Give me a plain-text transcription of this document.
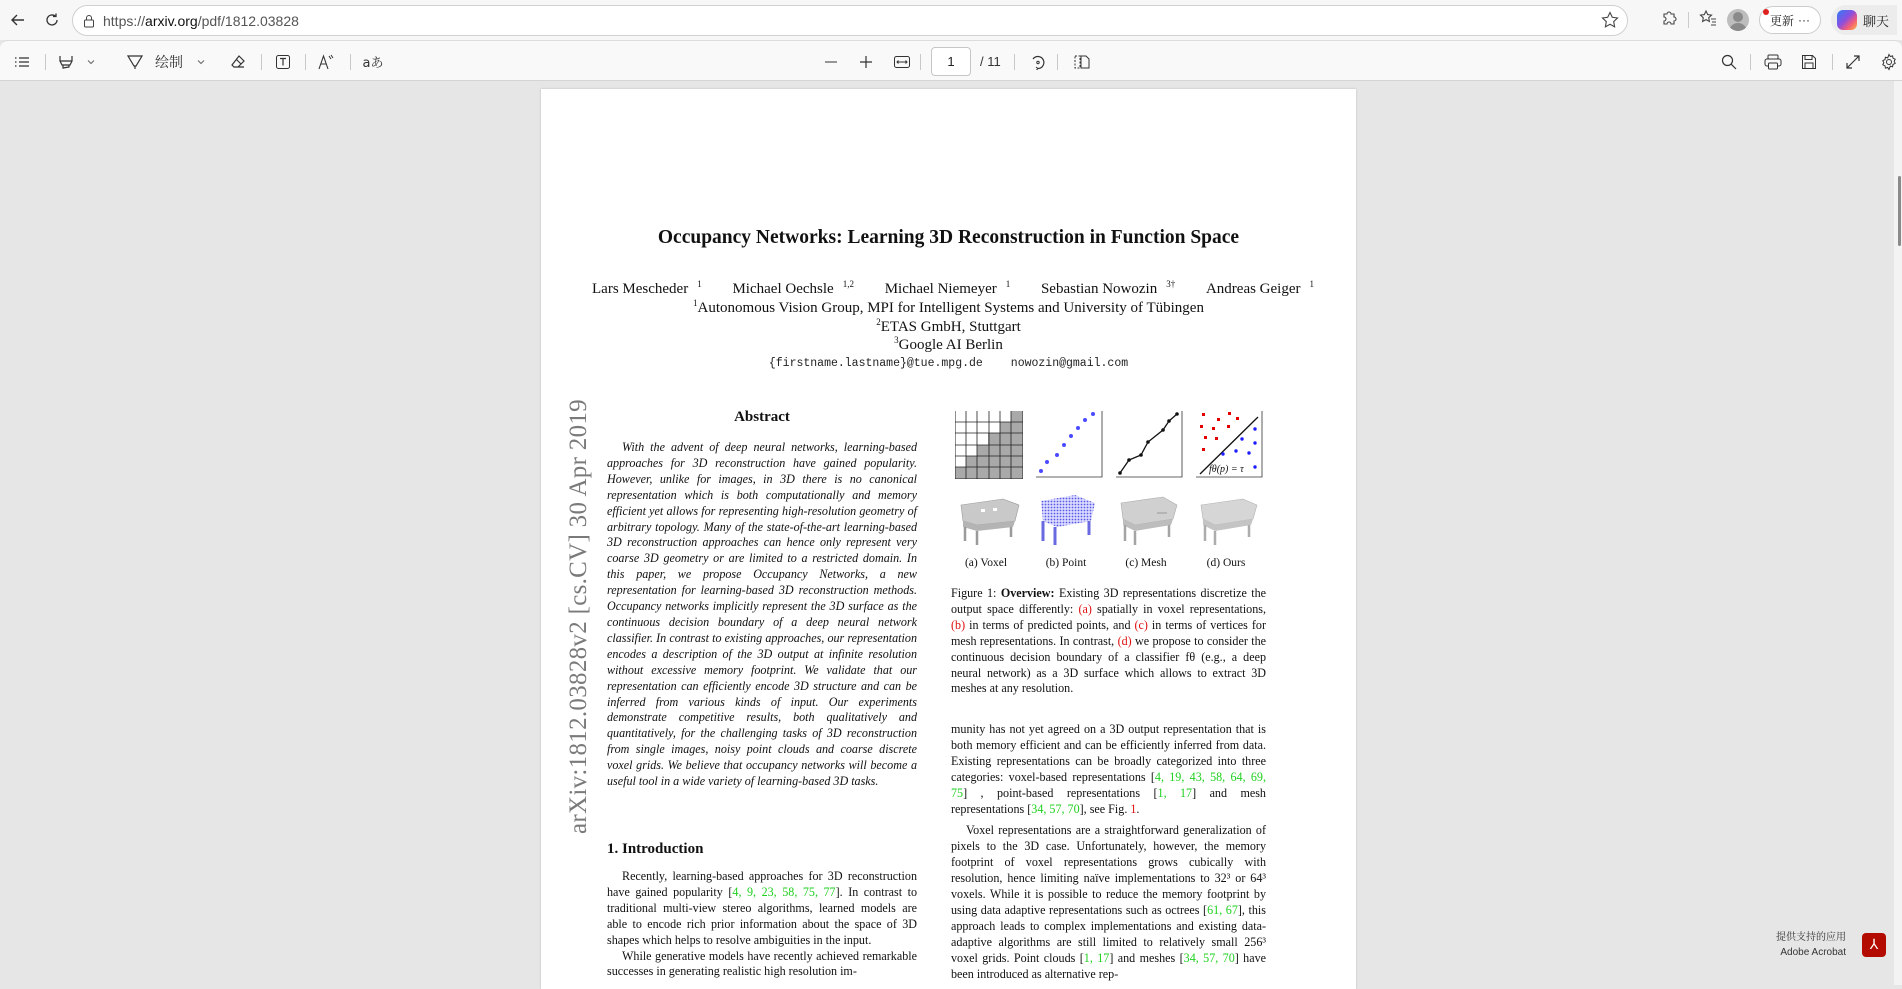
https://arxiv.org/pdf/1812.03828	更新 ···	聊天
绘制	aあ	1	/ 11
Occupancy Networks: Learning 3D Reconstruction in Function Space
Lars Mescheder $^1$ Michael Oechsle $^{1,2}$ Michael Niemeyer $^1$ Sebastian Nowozin $^{3\dagger}$ Andreas Geiger $^1$
$^1$Autonomous Vision Group, MPI for Intelligent Systems and University of Tübingen
$^2$ETAS GmbH, Stuttgart
$^3$Google AI Berlin
{firstname.lastname}@tue.mpg.de nowozin@gmail.com
arXiv:1812.03828v2 [cs.CV] 30 Apr 2019	Abstract

With the advent of deep neural networks, learning-based approaches for 3D reconstruction have gained popularity. However, unlike for images, in 3D there is no canonical representation which is both computationally and memory efficient yet allows for representing high-resolution geometry of arbitrary topology. Many of the state-of-the-art learning-based 3D reconstruction approaches can hence only represent very coarse 3D geometry or are limited to a restricted domain. In this paper, we propose Occupancy Networks, a new representation for learning-based 3D reconstruction methods. Occupancy networks implicitly represent the 3D surface as the continuous decision boundary of a deep neural network classifier. In contrast to existing approaches, our representation encodes a description of the 3D output at infinite resolution without excessive memory footprint. We validate that our representation can efficiently encode 3D structure and can be inferred from various kinds of input. Our experiments demonstrate competitive results, both qualitatively and quantitatively, for the challenging tasks of 3D reconstruction from single images, noisy point clouds and coarse discrete voxel grids. We believe that occupancy networks will become a useful tool in a wide variety of learning-based 3D tasks.

1. Introduction

Recently, learning-based approaches for 3D reconstruction have gained popularity [4, 9, 23, 58, 75, 77]. In contrast to traditional multi-view stereo algorithms, learned models are able to encode rich prior information about the space of 3D shapes which helps to resolve ambiguities in the input.

While generative models have recently achieved remarkable successes in generating realistic high resolution im-

fθ(p) = τ
(a) Voxel	(b) Point	(c) Mesh	(d) Ours
Figure 1: Overview: Existing 3D representations discretize the output space differently: (a) spatially in voxel representations, (b) in terms of predicted points, and (c) in terms of vertices for mesh representations. In contrast, (d) we propose to consider the continuous decision boundary of a classifier fθ (e.g., a deep neural network) as a 3D surface which allows to extract 3D meshes at any resolution.

munity has not yet agreed on a 3D output representation that is both memory efficient and can be efficiently inferred from data. Existing representations can be broadly categorized into three categories: voxel-based representations [4, 19, 43, 58, 64, 69, 75] , point-based representations [1, 17] and mesh representations [34, 57, 70], see Fig. 1.

Voxel representations are a straightforward generalization of pixels to the 3D case. Unfortunately, however, the memory footprint of voxel representations grows cubically with resolution, hence limiting naïve implementations to 32³ or 64³ voxels. While it is possible to reduce the memory footprint by using data adaptive representations such as octrees [61, 67], this approach leads to complex implementations and existing data-adaptive algorithms are still limited to relatively small 256³ voxel grids. Point clouds [1, 17] and meshes [34, 57, 70] have been introduced as alternative rep-

提供支持的应用
Adobe Acrobat	⅄
